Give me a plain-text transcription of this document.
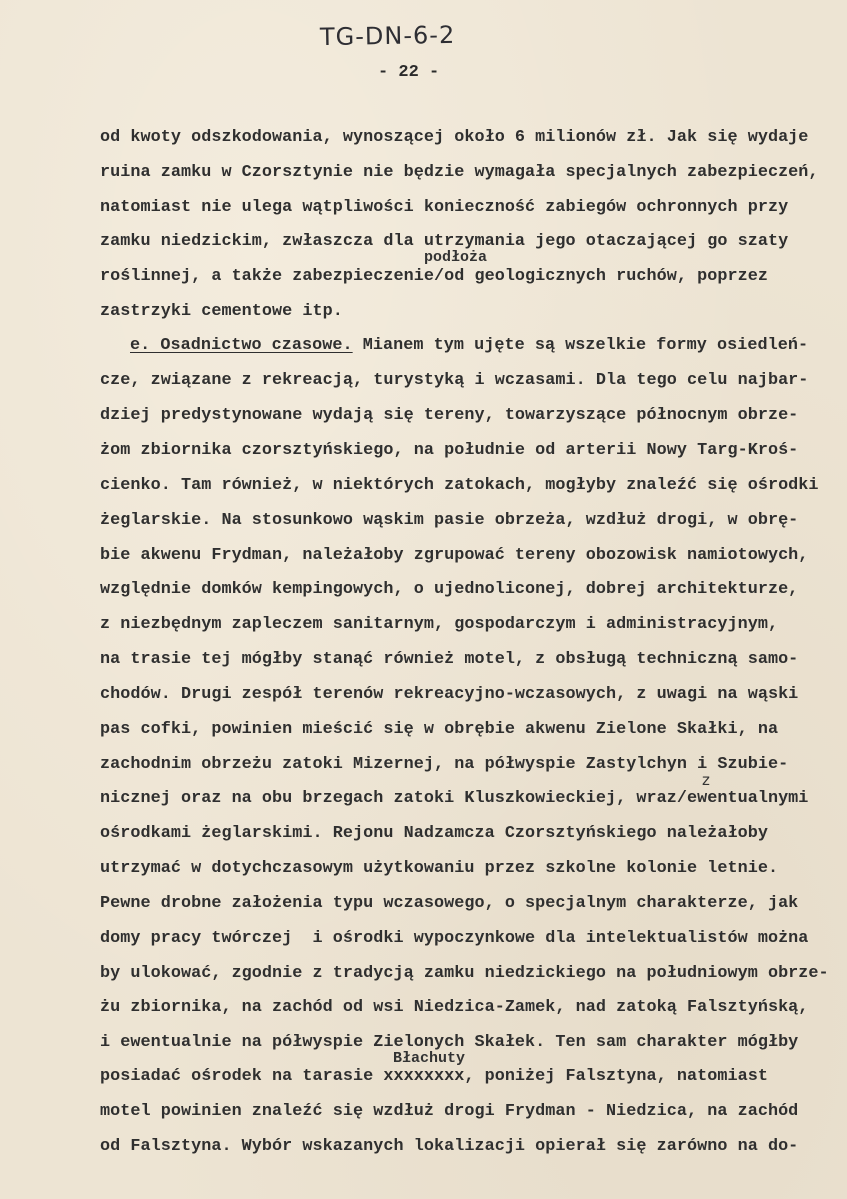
TG-DN-6-2
- 22 -
od kwoty odszkodowania, wynoszącej około 6 milionów zł. Jak się wydaje
ruina zamku w Czorsztynie nie będzie wymagała specjalnych zabezpieczeń,
natomiast nie ulega wątpliwości konieczność zabiegów ochronnych przy
zamku niedzickim, zwłaszcza dla utrzymania jego otaczającej go szaty
podłoża
roślinnej, a także zabezpieczenie/od geologicznych ruchów, poprzez
zastrzyki cementowe itp.
e. Osadnictwo czasowe. Mianem tym ujęte są wszelkie formy osiedleń-
cze, związane z rekreacją, turystyką i wczasami. Dla tego celu najbar-
dziej predystynowane wydają się tereny, towarzyszące północnym obrze-
żom zbiornika czorsztyńskiego, na południe od arterii Nowy Targ-Kroś-
cienko. Tam również, w niektórych zatokach, mogłyby znaleźć się ośrodki
żeglarskie. Na stosunkowo wąskim pasie obrzeża, wzdłuż drogi, w obrę-
bie akwenu Frydman, należałoby zgrupować tereny obozowisk namiotowych,
względnie domków kempingowych, o ujednoliconej, dobrej architekturze,
z niezbędnym zapleczem sanitarnym, gospodarczym i administracyjnym,
na trasie tej mógłby stanąć również motel, z obsługą techniczną samo-
chodów. Drugi zespół terenów rekreacyjno-wczasowych, z uwagi na wąski
pas cofki, powinien mieścić się w obrębie akwenu Zielone Skałki, na
zachodnim obrzeżu zatoki Mizernej, na półwyspie Zastylchyn i Szubie-
z
nicznej oraz na obu brzegach zatoki Kluszkowieckiej, wraz/ewentualnymi
ośrodkami żeglarskimi. Rejonu Nadzamcza Czorsztyńskiego należałoby
utrzymać w dotychczasowym użytkowaniu przez szkolne kolonie letnie.
Pewne drobne założenia typu wczasowego, o specjalnym charakterze, jak
domy pracy twórczej  i ośrodki wypoczynkowe dla intelektualistów można
by ulokować, zgodnie z tradycją zamku niedzickiego na południowym obrze-
żu zbiornika, na zachód od wsi Niedzica-Zamek, nad zatoką Falsztyńską,
i ewentualnie na półwyspie Zielonych Skałek. Ten sam charakter mógłby
Błachuty
posiadać ośrodek na tarasie xxxxxxxx, poniżej Falsztyna, natomiast
motel powinien znaleźć się wzdłuż drogi Frydman - Niedzica, na zachód
od Falsztyna. Wybór wskazanych lokalizacji opierał się zarówno na do-
